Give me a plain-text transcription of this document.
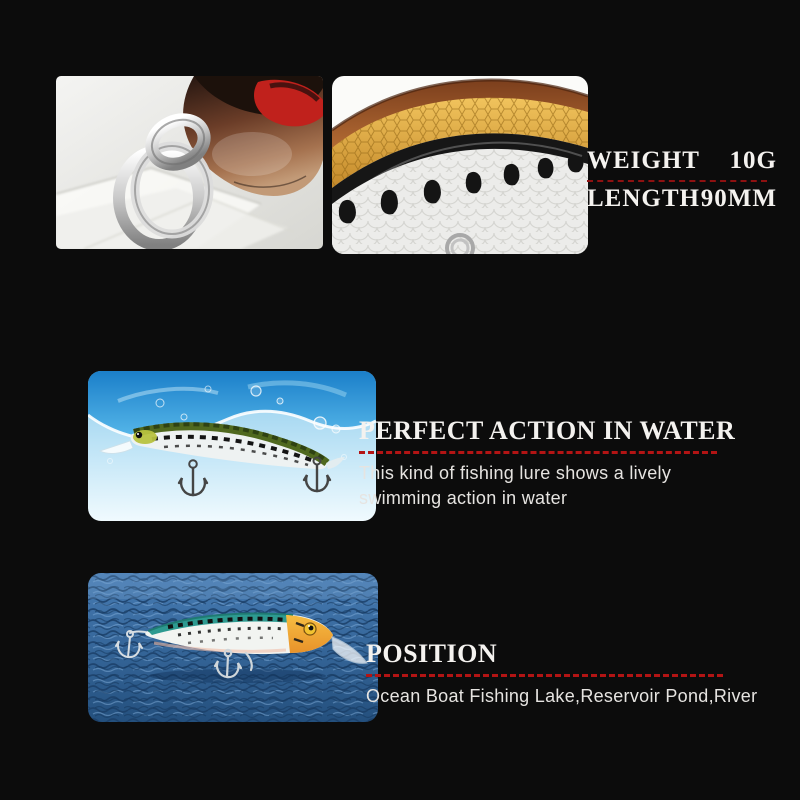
WEIGHT 10G
LENGTH 90MM
PERFECT ACTION IN WATER

This kind of fishing lure shows a lively

swimming action in water

POSITION

Ocean Boat Fishing Lake,Reservoir Pond,River
